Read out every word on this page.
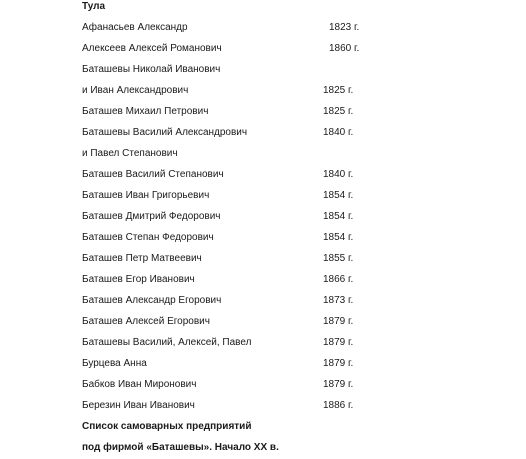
Тула
Афанасьев Александр	1823 г.
Алексеев Алексей Романович	1860 г.
Баташевы Николай Иванович
и Иван Александрович	1825 г.
Баташев Михаил Петрович	1825 г.
Баташевы Василий Александрович	1840 г.
и Павел Степанович
Баташев Василий Степанович	1840 г.
Баташев Иван Григорьевич	1854 г.
Баташев Дмитрий Федорович	1854 г.
Баташев Степан Федорович	1854 г.
Баташев Петр Матвеевич	1855 г.
Баташев Егор Иванович	1866 г.
Баташев Александр Егорович	1873 г.
Баташев Алексей Егорович	1879 г.
Баташевы Василий, Алексей, Павел	1879 г.
Бурцева Анна	1879 г.
Бабков Иван Миронович	1879 г.
Березин Иван Иванович	1886 г.
Список самоварных предприятий
под фирмой «Баташевы». Начало XX в.
